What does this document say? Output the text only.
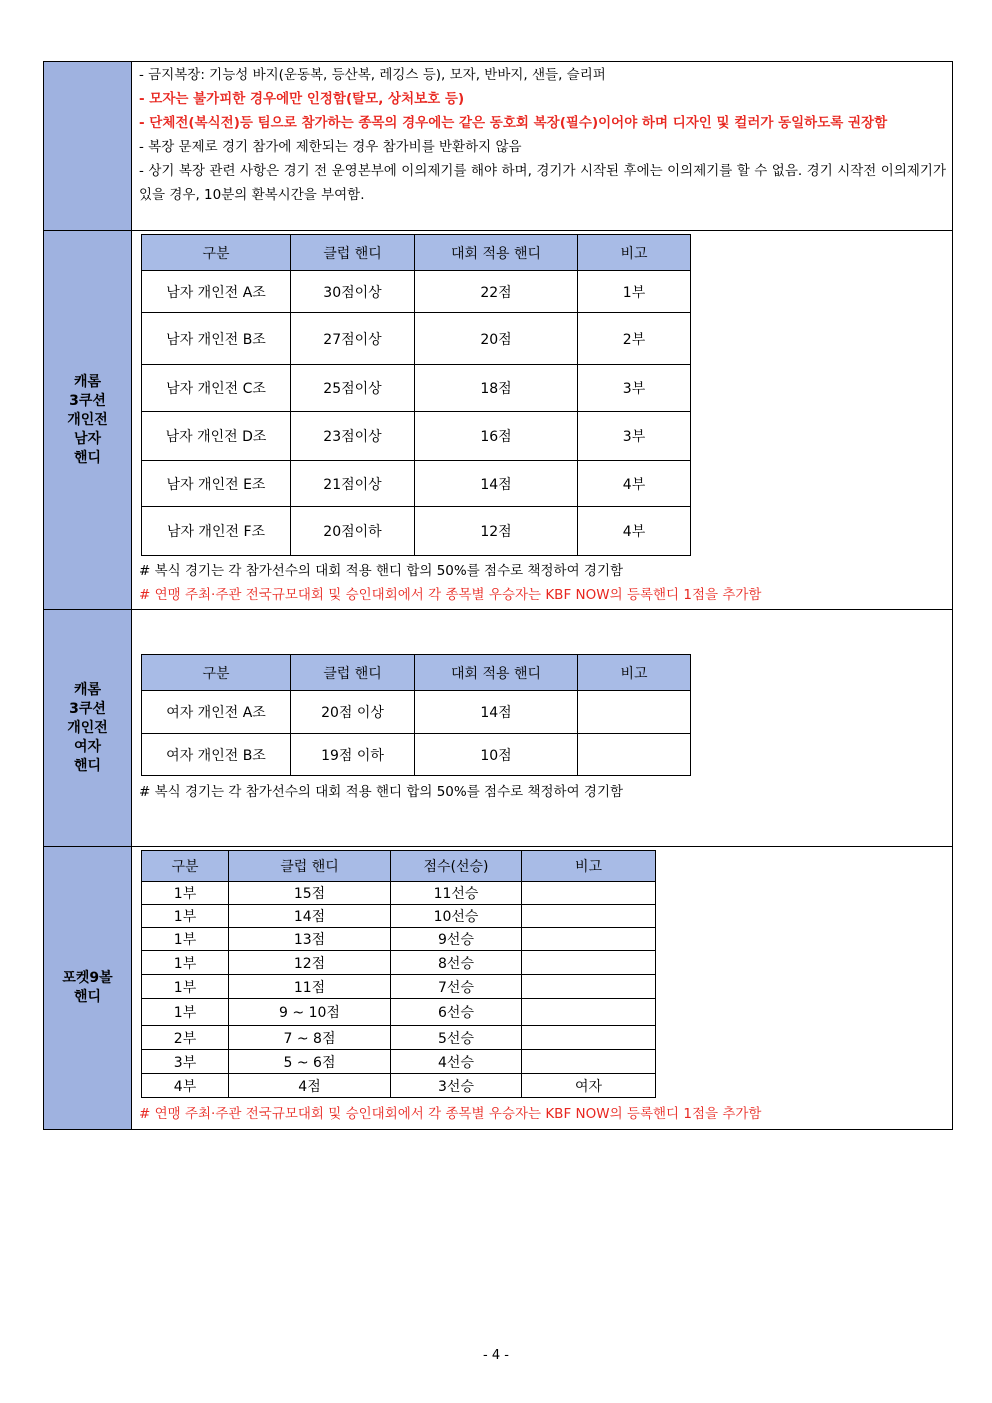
- 금지복장: 기능성 바지(운동복, 등산복, 레깅스 등), 모자, 반바지, 샌들, 슬리퍼
- 모자는 불가피한 경우에만 인정함(탈모, 상처보호 등)
- 단체전(복식전)등 팀으로 참가하는 종목의 경우에는 같은 동호회 복장(필수)이어야 하며 디자인 및 컬러가 동일하도록 권장함
- 복장 문제로 경기 참가에 제한되는 경우 참가비를 반환하지 않음
- 상기 복장 관련 사항은 경기 전 운영본부에 이의제기를 해야 하며, 경기가 시작된 후에는 이의제기를 할 수 없음. 경기 시작전 이의제기가 있을 경우, 10분의 환복시간을 부여함.

캐롬
3쿠션
개인전
남자
핸디

구분	클럽 핸디	대회 적용 핸디	비고
남자 개인전 A조	30점이상	22점	1부
남자 개인전 B조	27점이상	20점	2부
남자 개인전 C조	25점이상	18점	3부
남자 개인전 D조	23점이상	16점	3부
남자 개인전 E조	21점이상	14점	4부
남자 개인전 F조	20점이하	12점	4부
# 복식 경기는 각 참가선수의 대회 적용 핸디 합의 50%를 점수로 책정하여 경기함
# 연맹 주최·주관 전국규모대회 및 승인대회에서 각 종목별 우승자는 KBF NOW의 등록핸디 1점을 추가함

캐롬
3쿠션
개인전
여자
핸디

구분	클럽 핸디	대회 적용 핸디	비고
여자 개인전 A조	20점 이상	14점	
여자 개인전 B조	19점 이하	10점	
# 복식 경기는 각 참가선수의 대회 적용 핸디 합의 50%를 점수로 책정하여 경기함

포켓9볼
핸디

구분	클럽 핸디	점수(선승)	비고
1부	15점	11선승	
1부	14점	10선승	
1부	13점	9선승	
1부	12점	8선승	
1부	11점	7선승	
1부	9 ~ 10점	6선승	
2부	7 ~ 8점	5선승	
3부	5 ~ 6점	4선승	
4부	4점	3선승	여자
# 연맹 주최·주관 전국규모대회 및 승인대회에서 각 종목별 우승자는 KBF NOW의 등록핸디 1점을 추가함
- 4 -
